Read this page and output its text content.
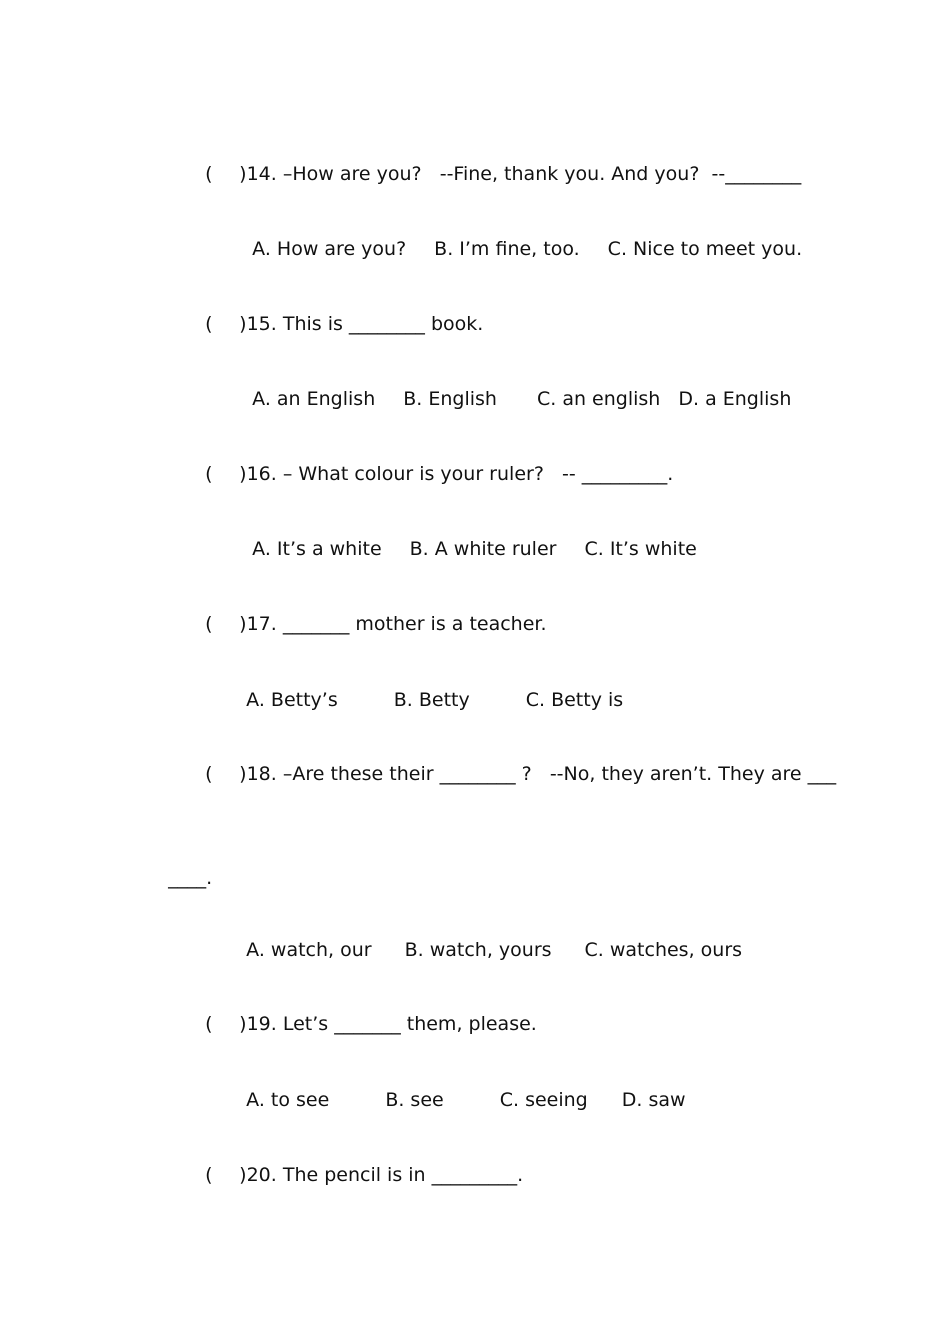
( )14. –How are you?   --Fine, thank you. And you?  --________

A. How are you? B. I’m fine, too. C. Nice to meet you.

( )15. This is ________ book.

A. an English B. English C. an english D. a English

( )16. – What colour is your ruler?   -- _________.

A. It’s a white B. A white ruler C. It’s white

( )17. _______ mother is a teacher.

A. Betty’s	B. Betty	C. Betty is

( )18. –Are these their ________ ?   --No, they aren’t. They are ___

____.

A. watch, our B. watch, yours C. watches, ours

( )19. Let’s _______ them, please.

A. to see	B. see	C. seeing D. saw

( )20. The pencil is in _________.
